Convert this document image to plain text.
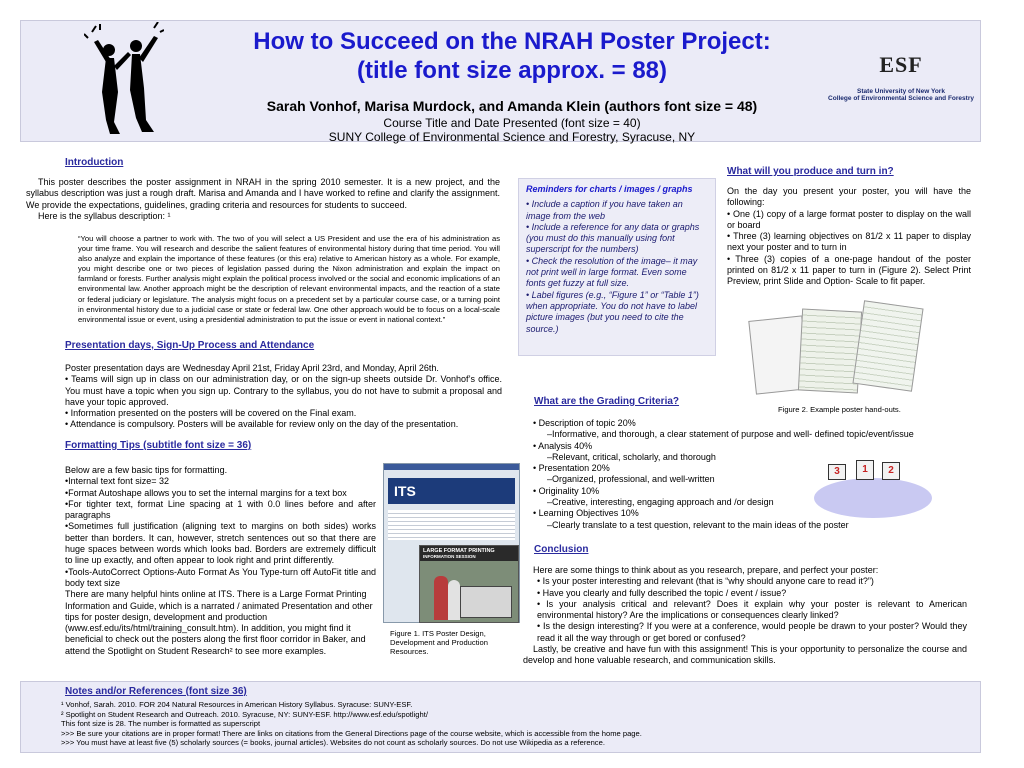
How to Succeed on the NRAH Poster Project:
(title font size approx. = 88)
Sarah Vonhof, Marisa Murdock, and Amanda Klein (authors font size = 48)
Course Title and Date Presented (font size = 40)
SUNY College of Environmental Science and Forestry, Syracuse, NY
ESF
State University of New York
College of Environmental Science and Forestry
Introduction
This poster describes the poster assignment in NRAH in the spring 2010 semester. It is a new project, and the syllabus description was just a rough draft. Marisa and Amanda and I have worked to refine and clarify the assignment. We provide the expectations, guidelines, grading criteria and resources for students to succeed.
Here is the syllabus description: ¹
“You will choose a partner to work with. The two of you will select a US President and use the era of his administration as your time frame. You will research and describe the salient features of environmental history during that time period. You will also analyze and explain the importance of these features (or this era) relative to American history as a whole. For example, you might describe one or two pieces of legislation passed during the Nixon administration and explain the impact on farmland or forests. Further analysis might explain the political process involved or the social and economic implications of an environmental law. Another approach might be the description of relevant environmental impacts, and the reaction of a state or federal judiciary or legislature. The analysis might focus on a precedent set by a particular course case, or a turning point in environmental history due to a judicial case or state or federal law. One other approach would be to focus on a local-scale environmental issue or event, using a presidential administration to put the issue or event in national context.”
Presentation days, Sign-Up Process and Attendance
Poster presentation days are Wednesday April 21st, Friday April 23rd, and Monday, April 26th.
• Teams will sign up in class on our administration day, or on the sign-up sheets outside Dr. Vonhof’s office. You must have a topic when you sign up. Contrary to the syllabus, you do not have to submit a proposal and have your topic approved.
• Information presented on the posters will be covered on the Final exam.
• Attendance is compulsory. Posters will be available for review only on the day of the presentation.
Formatting Tips (subtitle font size = 36)
Below are a few basic tips for formatting.
•Internal text font size= 32
•Format Autoshape allows you to set the internal margins for a text box
•For tighter text, format Line spacing at 1 with 0.0 lines before and after paragraphs
•Sometimes full justification (aligning text to margins on both sides) works better than borders. It can, however, stretch sentences out so that there are huge spaces between words which looks bad. Borders are extremely difficult to line up exactly, and often appear to look right and print differently.
•Tools-AutoCorrect Options-Auto Format As You Type-turn off AutoFit title and body text size
There are many helpful hints online at ITS. There is a Large Format Printing Information and Guide, which is a narrated / animated Presentation and other tips for poster design, development and production (www.esf.edu/its/html/training_consult.htm). In addition, you might find it beneficial to check out the posters along the first floor corridor in Baker, and attend the Spotlight on Student Research² to see more examples.
ITS
LARGE FORMAT PRINTING
INFORMATION SESSION
Figure 1. ITS Poster Design, Development and Production Resources.
Reminders for charts / images / graphs
• Include a caption if you have taken an image from the web
• Include a reference for any data or graphs (you must do this manually using font superscript for the numbers)
• Check the resolution of the image– it may not print well in large format. Even some fonts get fuzzy at full size.
• Label figures (e.g., “Figure 1” or “Table 1”) when appropriate. You do not have to label picture images (but you need to cite the source.)
What will you produce and turn in?
On the day you present your poster, you will have the following:
• One (1) copy of a large format poster to display on the wall or board
• Three (3) learning objectives on 81/2 x 11 paper to display next your poster and to turn in
• Three (3) copies of a one-page handout of the poster printed on 81/2 x 11 paper to turn in (Figure 2). Select Print Preview, print Slide and Option- Scale to fit paper.
Figure 2. Example poster hand-outs.
3	1	2
What are the Grading Criteria?
• Description of topic 20%
–Informative, and thorough, a clear statement of purpose and well- defined topic/event/issue
• Analysis 40%
–Relevant, critical, scholarly, and thorough
• Presentation 20%
–Organized, professional, and well-written
• Originality 10%
–Creative, interesting, engaging approach and /or design
• Learning Objectives 10%
–Clearly translate to a test question, relevant to the main ideas of the poster
Conclusion
Here are some things to think about as you research, prepare, and perfect your poster:
• Is your poster interesting and relevant (that is “why should anyone care to read it?”)
• Have you clearly and fully described the topic / event / issue?
• Is your analysis critical and relevant? Does it explain why your poster is relevant to American environmental history? Are the implications or consequences clearly linked?
• Is the design interesting? If you were at a conference, would people be drawn to your poster? Would they read it all the way through or get bored or confused?
Lastly, be creative and have fun with this assignment! This is your opportunity to personalize the course and develop and hone valuable research, and communication skills.
Notes and/or References (font size 36)
¹ Vonhof, Sarah. 2010. FOR 204 Natural Resources in American History Syllabus. Syracuse: SUNY-ESF.
² Spotlight on Student Research and Outreach. 2010. Syracuse, NY: SUNY-ESF. http://www.esf.edu/spotlight/
This font size is 28. The number is formatted as superscript
>>> Be sure your citations are in proper format! There are links on citations from the General Directions page of the course website, which is accessible from the home page.
>>> You must have at least five (5) scholarly sources (= books, journal articles). Websites do not count as scholarly sources. Do not use Wikipedia as a reference.
